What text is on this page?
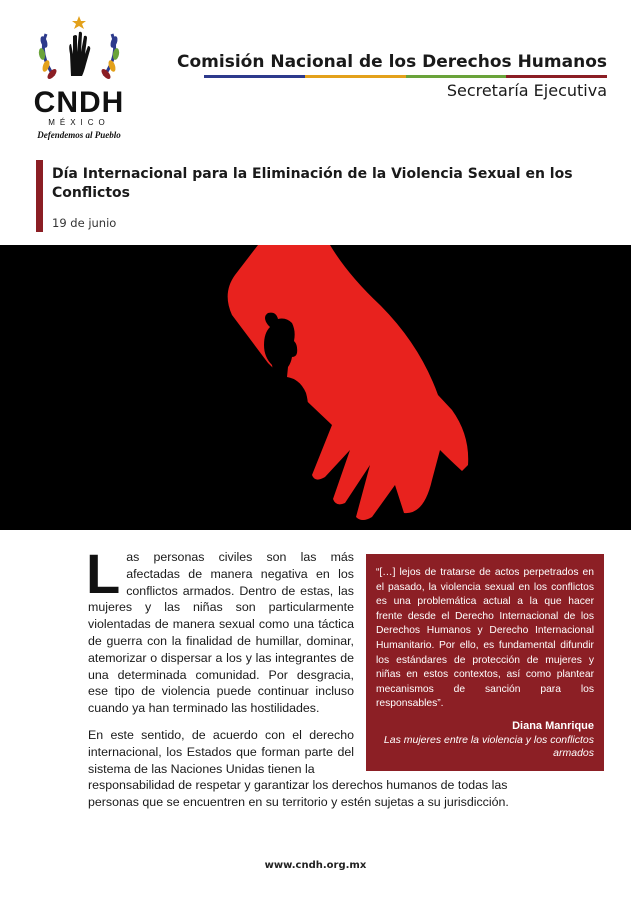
CNDH
MÉXICO
Defendemos al Pueblo
Comisión Nacional de los Derechos Humanos
Secretaría Ejecutiva
Día Internacional para la Eliminación de la Violencia Sexual en los Conflictos
19 de junio
Las personas civiles son las más afectadas de manera negativa en los conflictos armados. Dentro de estas, las mujeres y las niñas son particularmente violentadas de manera sexual como una táctica de guerra con la finalidad de humillar, dominar, atemorizar o dispersar a los y las integrantes de una determinada comunidad. Por desgracia, ese tipo de violencia puede continuar incluso cuando ya han terminado las hostilidades.
En este sentido, de acuerdo con el derecho internacional, los Estados que forman parte del sistema de las Naciones Unidas tienen la
responsabilidad de respetar y garantizar los derechos humanos de todas las personas que se encuentren en su territorio y estén sujetas a su jurisdicción.
“[…] lejos de tratarse de actos perpetrados en el pasado, la violencia sexual en los conflictos es una problemática actual a la que hacer frente desde el Derecho Internacional de los Derechos Humanos y Derecho Internacional Humanitario. Por ello, es fundamental difundir los estándares de protección de mujeres y niñas en estos contextos, así como plantear mecanismos de sanción para los responsables”.
Diana Manrique
Las mujeres entre la violencia y los conflictos armados
www.cndh.org.mx
